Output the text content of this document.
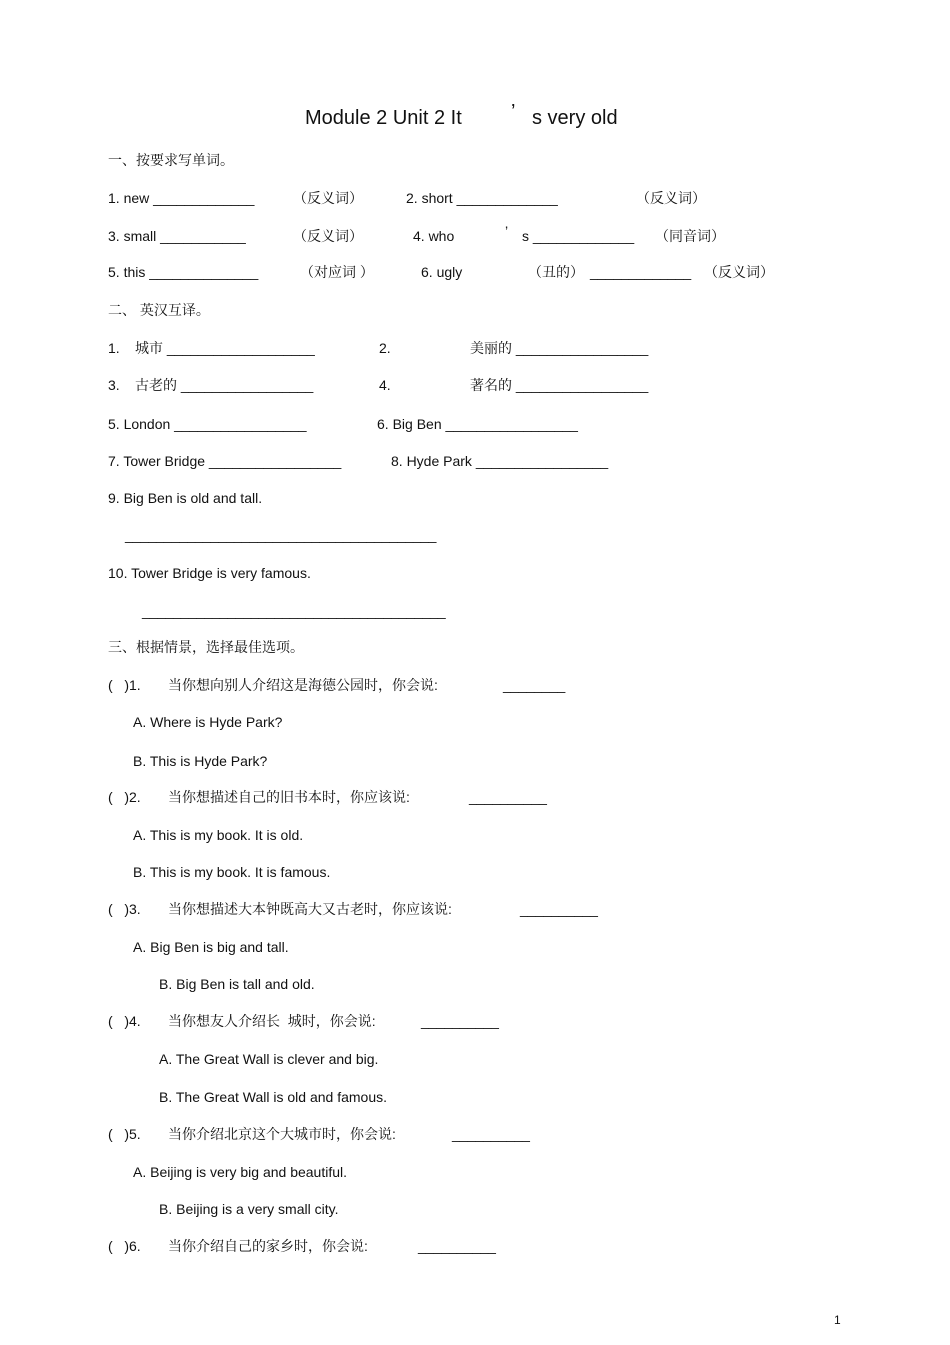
Module 2 Unit 2 It ’ s very old
一、按要求写单词。
1. new _____________	（反义词）	2. short _____________	（反义词）
3. small ___________	（反义词）	4. who	’ s _____________ （同音词）
5. this ______________	（对应词 ）	6. ugly	（丑的） _____________ （反义词）
二、 英汉互译。
1. 城市 ___________________	2.	美丽的 _________________
3. 古老的 _________________	4.	著名的 _________________
5. London _________________	6. Big Ben _________________
7. Tower Bridge _________________	8. Hyde Park _________________
9. Big Ben is old and tall.
________________________________________
10. Tower Bridge is very famous.
_______________________________________
三、根据情景，选择最佳选项。
(   )1. 当你想向别人介绍这是海德公园时，你会说:	________
A. Where is Hyde Park?
B. This is Hyde Park?
(   )2. 当你想描述自己的旧书本时，你应该说:	__________
A. This is my book. It is old.
B. This is my book. It is famous.
(   )3. 当你想描述大本钟既高大又古老时，你应该说:	__________
A. Big Ben is big and tall.
B. Big Ben is tall and old.
(   )4. 当你想友人介绍长  城时，你会说:	__________
A. The Great Wall is clever and big.
B. The Great Wall is old and famous.
(   )5. 当你介绍北京这个大城市时，你会说:	__________
A. Beijing is very big and beautiful.
B. Beijing is a very small city.
(   )6. 当你介绍自己的家乡时，你会说:	__________
1
